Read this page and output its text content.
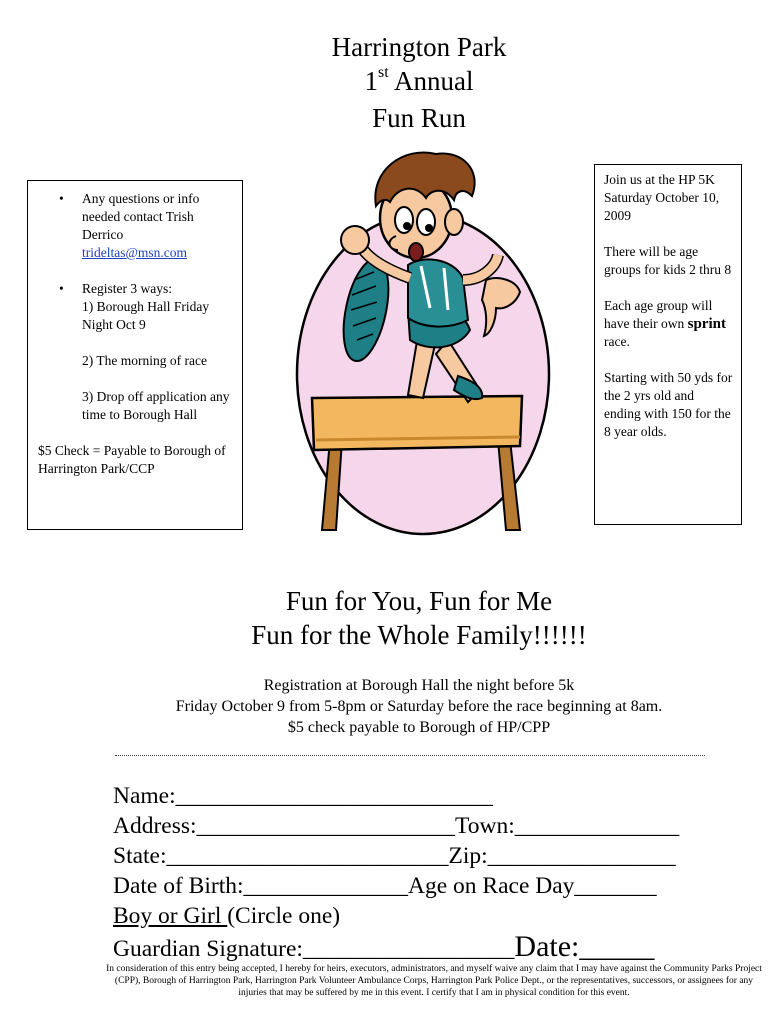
Harrington Park
1st Annual
Fun Run
• Any questions or info needed contact Trish Derrico
trideltas@msn.com
• Register 3 ways:
1) Borough Hall Friday Night Oct 9
2) The morning of race
3) Drop off application any time to Borough Hall
$5 Check = Payable to Borough of Harrington Park/CCP
Join us at the HP 5K Saturday October 10, 2009
There will be age groups for kids 2 thru 8
Each age group will have their own sprint race.
Starting with 50 yds for the 2 yrs old and ending with 150 for the 8 year olds.
Fun for You, Fun for Me
Fun for the Whole Family!!!!!!
Registration at Borough Hall the night before 5k
Friday October 9 from 5-8pm or Saturday before the race beginning at 8am.
$5 check payable to Borough of HP/CPP
Name:___________________________
Address:______________________Town:______________
State:________________________Zip:________________
Date of Birth:______________Age on Race Day_______
Boy or Girl (Circle one)
Guardian Signature:__________________Date:_____
In consideration of this entry being accepted, I hereby for heirs, executors, administrators, and myself waive any claim that I may have against the Community Parks Project (CPP), Borough of Harrington Park, Harrington Park Volunteer Ambulance Corps, Harrington Park Police Dept., or the representatives, successors, or assignees for any injuries that may be suffered by me in this event. I certify that I am in physical condition for this event.
